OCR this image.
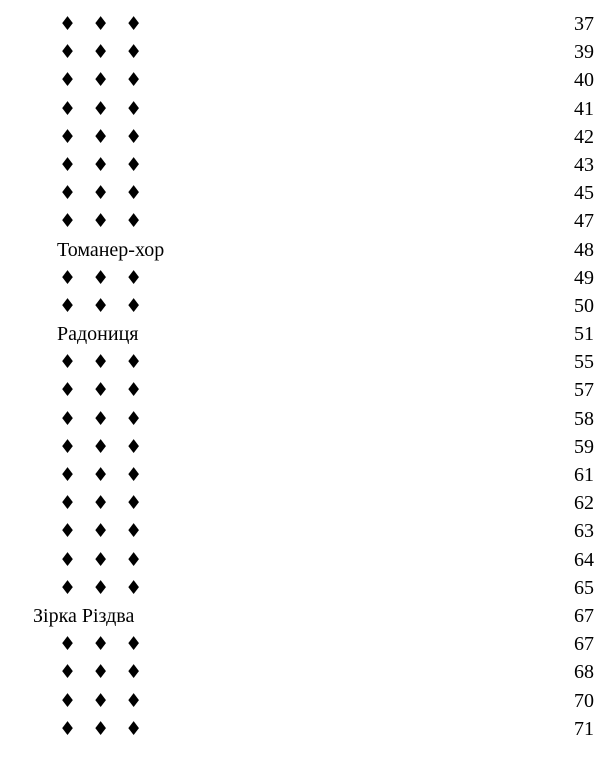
♦ ♦ ♦	37
♦ ♦ ♦	39
♦ ♦ ♦	40
♦ ♦ ♦	41
♦ ♦ ♦	42
♦ ♦ ♦	43
♦ ♦ ♦	45
♦ ♦ ♦	47
Томанер-хор	48
♦ ♦ ♦	49
♦ ♦ ♦	50
Радониця	51
♦ ♦ ♦	55
♦ ♦ ♦	57
♦ ♦ ♦	58
♦ ♦ ♦	59
♦ ♦ ♦	61
♦ ♦ ♦	62
♦ ♦ ♦	63
♦ ♦ ♦	64
♦ ♦ ♦	65
Зірка Різдва	67
♦ ♦ ♦	67
♦ ♦ ♦	68
♦ ♦ ♦	70
♦ ♦ ♦	71
